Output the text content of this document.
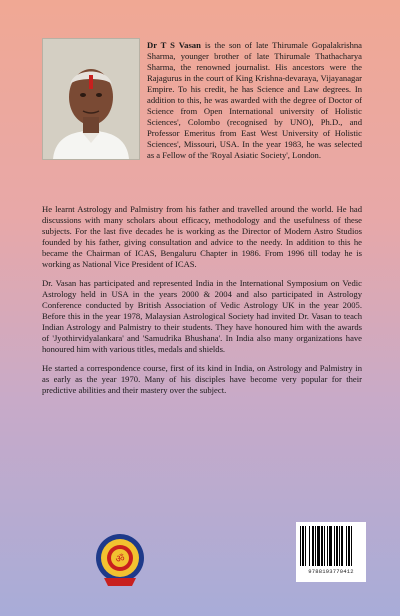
Dr T S Vasan is the son of late Thirumale Gopalakrishna Sharma, younger brother of late Thirumale Thathacharya Sharma, the renowned journalist. His ancestors were the Rajagurus in the court of King Krishna-devaraya, Vijayanagar Empire. To his credit, he has Science and Law degrees. In addition to this, he was awarded with the degree of Doctor of Science from Open International university of Holistic Sciences', Colombo (recognised by UNO), Ph.D., and Professor Emeritus from East West University of Holistic Sciences', Missouri, USA. In the year 1983, he was selected as a Fellow of the 'Royal Asiatic Society', London.

He learnt Astrology and Palmistry from his father and travelled around the world. He had discussions with many scholars about efficacy, methodology and the usefulness of these subjects. For the last five decades he is working as the Director of Modern Astro Studios founded by his father, giving consultation and advice to the needy. In addition to this he became the Chairman of ICAS, Bengaluru Chapter in 1986. From 1996 till today he is working as National Vice President of ICAS.

Dr. Vasan has participated and represented India in the International Symposium on Vedic Astrology held in USA in the years 2000 & 2004 and also participated in Astrology Conference conducted by British Association of Vedic Astrology UK in the year 2005. Before this in the year 1978, Malaysian Astrological Society had invited Dr. Vasan to teach Indian Astrology and Palmistry to their students. They have honoured him with the awards of 'Jyothirvidyalankara' and 'Samudrika Bhushana'. In India also many organizations have honoured him with various titles, medals and shields.

He started a correspondence course, first of its kind in India, on Astrology and Palmistry in as early as the year 1970. Many of his disciples have become very popular for their predictive abilities and their mastery over the subject.

ॐ
9788193770412
